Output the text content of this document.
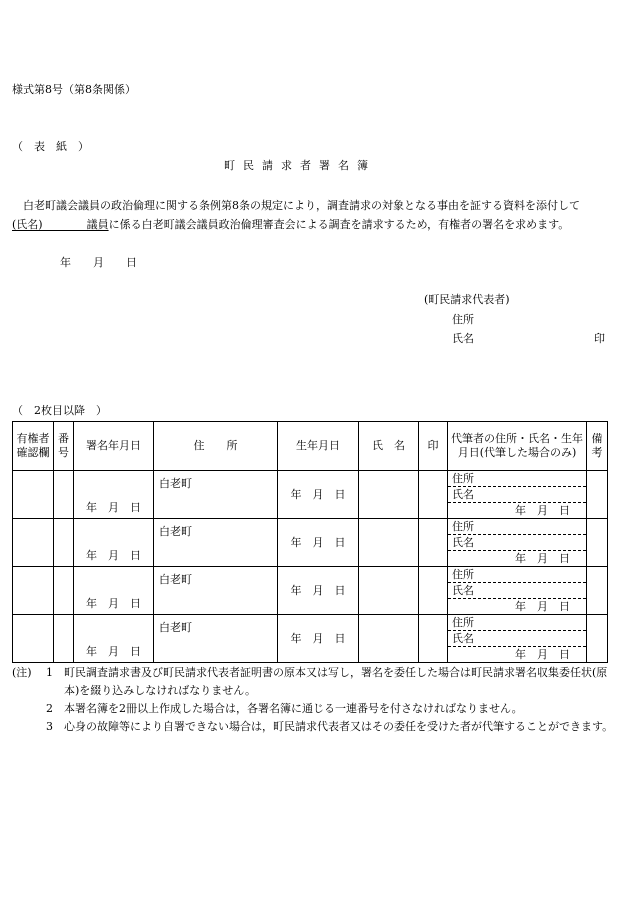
様式第8号（第8条関係）
（　表　紙　）
町民請求者署名簿
　白老町議会議員の政治倫理に関する条例第8条の規定により，調査請求の対象となる事由を証する資料を添付して
(氏名)　　　　議員に係る白老町議会議員政治倫理審査会による調査を請求するため，有権者の署名を求めます。
年　　月　　日
(町民請求代表者)
住所
氏名	印
（　2枚目以降　）
有権者確認欄	番号	署名年月日	住　　所	生年月日	氏　名	印	代筆者の住所・氏名・生年月日(代筆した場合のみ)	備考

		年　月　日	白老町	年　月　日			住所
氏名
年　月　日	

		年　月　日	白老町	年　月　日			住所
氏名
年　月　日	

		年　月　日	白老町	年　月　日			住所
氏名
年　月　日	

		年　月　日	白老町	年　月　日			住所
氏名
年　月　日	

(注)	1	町民調査請求書及び町民請求代表者証明書の原本又は写し，署名を委任した場合は町民請求署名収集委任状(原本)を綴り込みしなければなりません。
2	本署名簿を2冊以上作成した場合は，各署名簿に通じる一連番号を付さなければなりません。
3	心身の故障等により自署できない場合は，町民請求代表者又はその委任を受けた者が代筆することができます。
